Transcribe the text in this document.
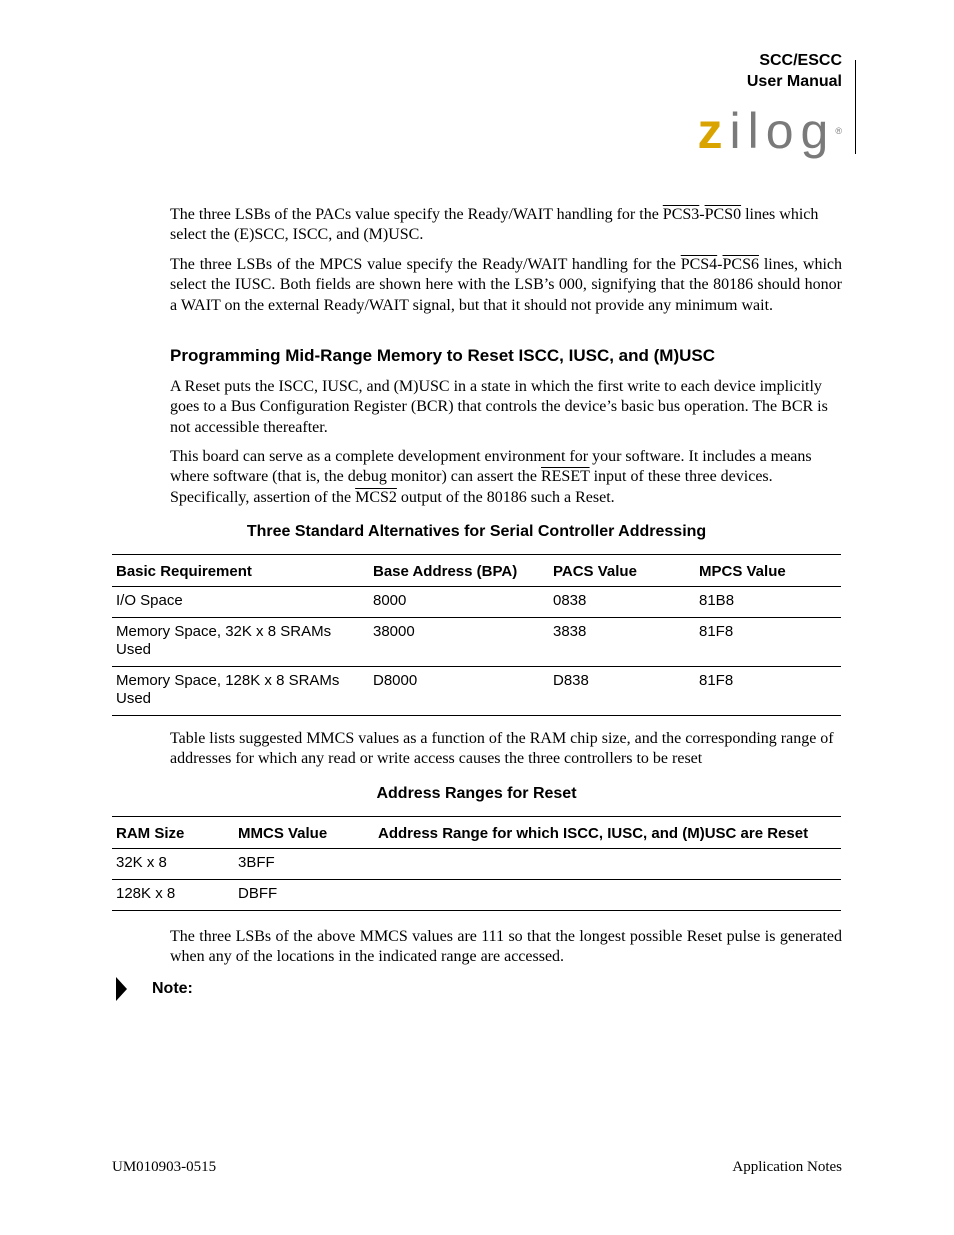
SCC/ESCC
User Manual
zilog®
The three LSBs of the PACs value specify the Ready/WAIT handling for the PCS3-PCS0 lines which select the (E)SCC, ISCC, and (M)USC.
The three LSBs of the MPCS value specify the Ready/WAIT handling for the PCS4-PCS6 lines, which select the IUSC. Both fields are shown here with the LSB’s 000, signifying that the 80186 should honor a WAIT on the external Ready/WAIT signal, but that it should not provide any minimum wait.
Programming Mid-Range Memory to Reset ISCC, IUSC, and (M)USC
A Reset puts the ISCC, IUSC, and (M)USC in a state in which the first write to each device implicitly goes to a Bus Configuration Register (BCR) that controls the device’s basic bus operation. The BCR is not accessible thereafter.
This board can serve as a complete development environment for your software. It includes a means where software (that is, the debug monitor) can assert the RESET input of these three devices. Specifically, assertion of the MCS2 output of the 80186 such a Reset.
Three Standard Alternatives for Serial Controller Addressing
Basic Requirement	Base Address (BPA)	PACS Value	MPCS Value
I/O Space	8000	0838	81B8
Memory Space, 32K x 8 SRAMs Used	38000	3838	81F8
Memory Space, 128K x 8 SRAMs Used	D8000	D838	81F8
Table lists suggested MMCS values as a function of the RAM chip size, and the corresponding range of addresses for which any read or write access causes the three controllers to be reset
Address Ranges for Reset
RAM Size	MMCS Value	Address Range for which ISCC, IUSC, and (M)USC are Reset
32K x 8	3BFF	
128K x 8	DBFF	
The three LSBs of the above MMCS values are 111 so that the longest possible Reset pulse is generated when any of the locations in the indicated range are accessed.
Note:
UM010903-0515	Application Notes
